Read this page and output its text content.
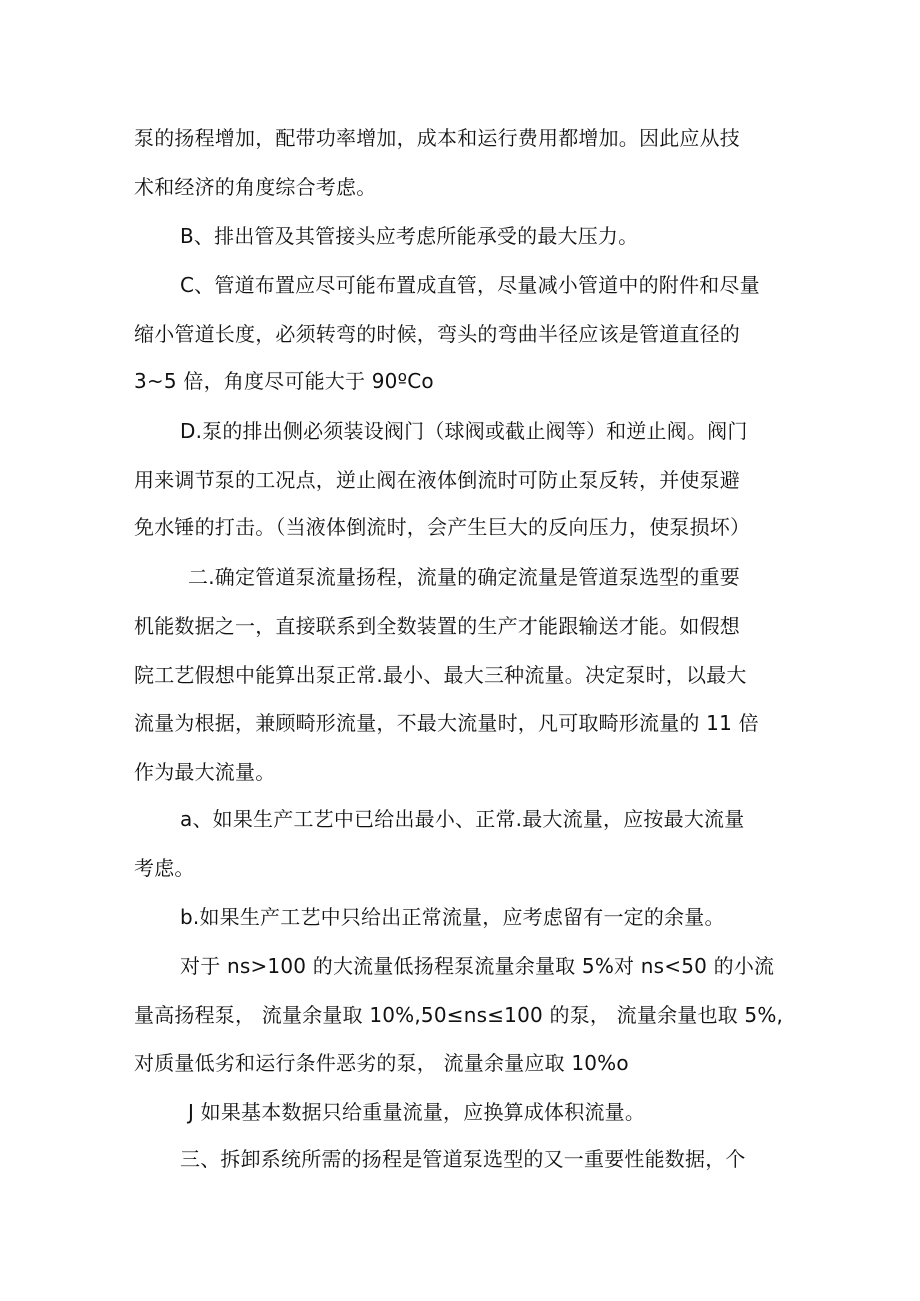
泵的扬程增加，配带功率增加，成本和运行费用都增加。因此应从技
术和经济的角度综合考虑。
B、排出管及其管接头应考虑所能承受的最大压力。
C、管道布置应尽可能布置成直管，尽量减小管道中的附件和尽量
缩小管道长度，必须转弯的时候，弯头的弯曲半径应该是管道直径的
3~5 倍，角度尽可能大于 90ºCo
D.泵的排出侧必须装设阀门（球阀或截止阀等）和逆止阀。阀门
用来调节泵的工况点，逆止阀在液体倒流时可防止泵反转，并使泵避
免水锤的打击。（当液体倒流时，会产生巨大的反向压力，使泵损坏）
二.确定管道泵流量扬程，流量的确定流量是管道泵选型的重要
机能数据之一，直接联系到全数装置的生产才能跟输送才能。如假想
院工艺假想中能算出泵正常.最小、最大三种流量。决定泵时，以最大
流量为根据，兼顾畸形流量，不最大流量时，凡可取畸形流量的 11 倍
作为最大流量。
a、如果生产工艺中已给出最小、正常.最大流量，应按最大流量
考虑。
b.如果生产工艺中只给出正常流量，应考虑留有一定的余量。
对于 ns>100 的大流量低扬程泵流量余量取 5%对 ns<50 的小流
量高扬程泵， 流量余量取 10%,50≤ns≤100 的泵， 流量余量也取 5%,
对质量低劣和运行条件恶劣的泵， 流量余量应取 10%o
J 如果基本数据只给重量流量，应换算成体积流量。
三、拆卸系统所需的扬程是管道泵选型的又一重要性能数据，个
